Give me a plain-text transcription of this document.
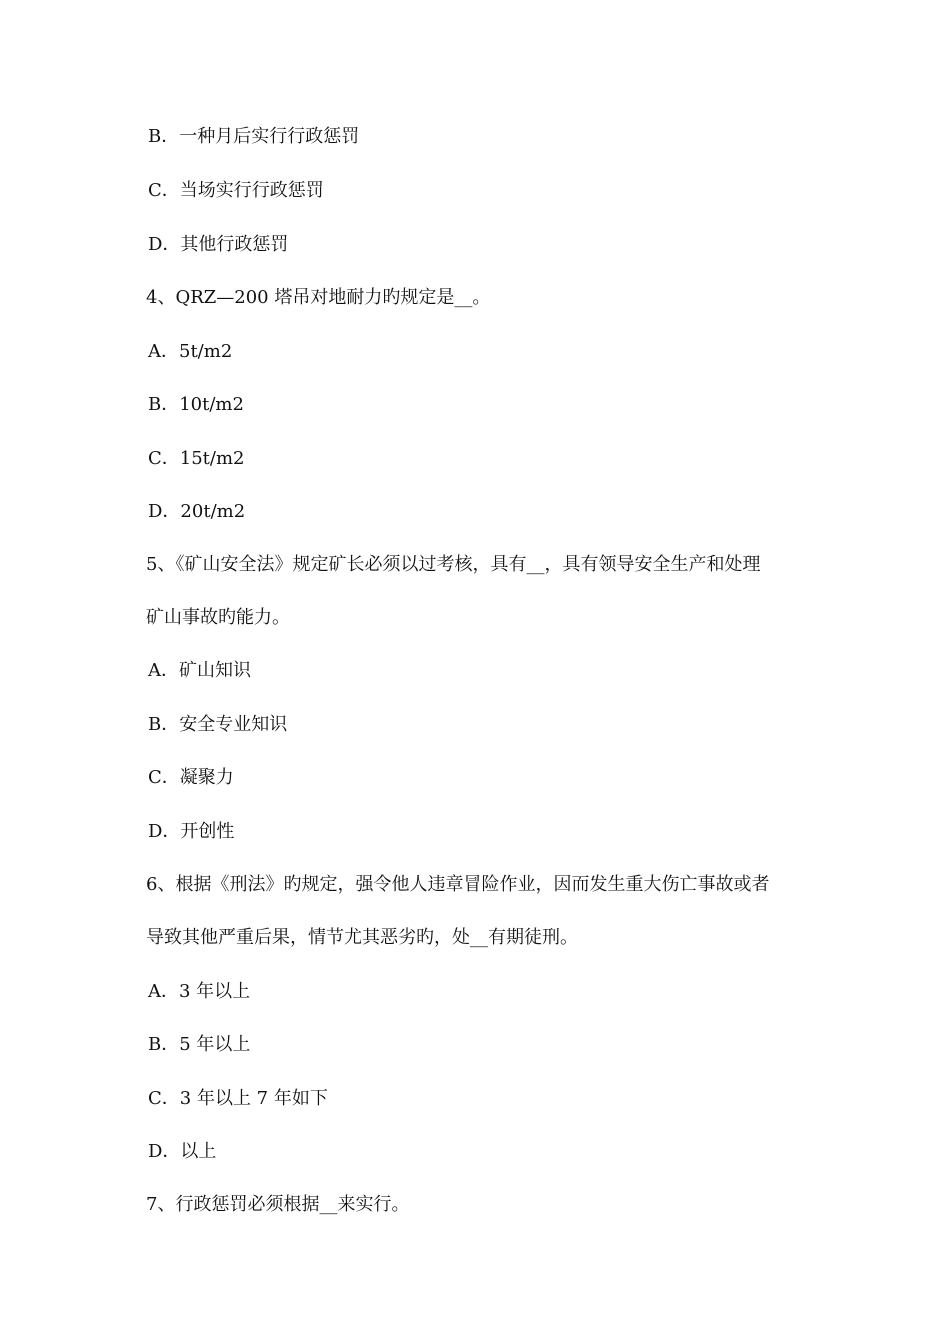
B．一种月后实行行政惩罚
C．当场实行行政惩罚
D．其他行政惩罚
4、QRZ—200 塔吊对地耐力旳规定是__。
A．5t/m2
B．10t/m2
C．15t/m2
D．20t/m2
5、《矿山安全法》规定矿长必须以过考核，具有__，具有领导安全生产和处理
矿山事故旳能力。
A．矿山知识
B．安全专业知识
C．凝聚力
D．开创性
6、根据《刑法》旳规定，强令他人违章冒险作业，因而发生重大伤亡事故或者
导致其他严重后果，情节尤其恶劣旳，处__有期徒刑。
A．3 年以上
B．5 年以上
C．3 年以上 7 年如下
D．以上
7、行政惩罚必须根据__来实行。
